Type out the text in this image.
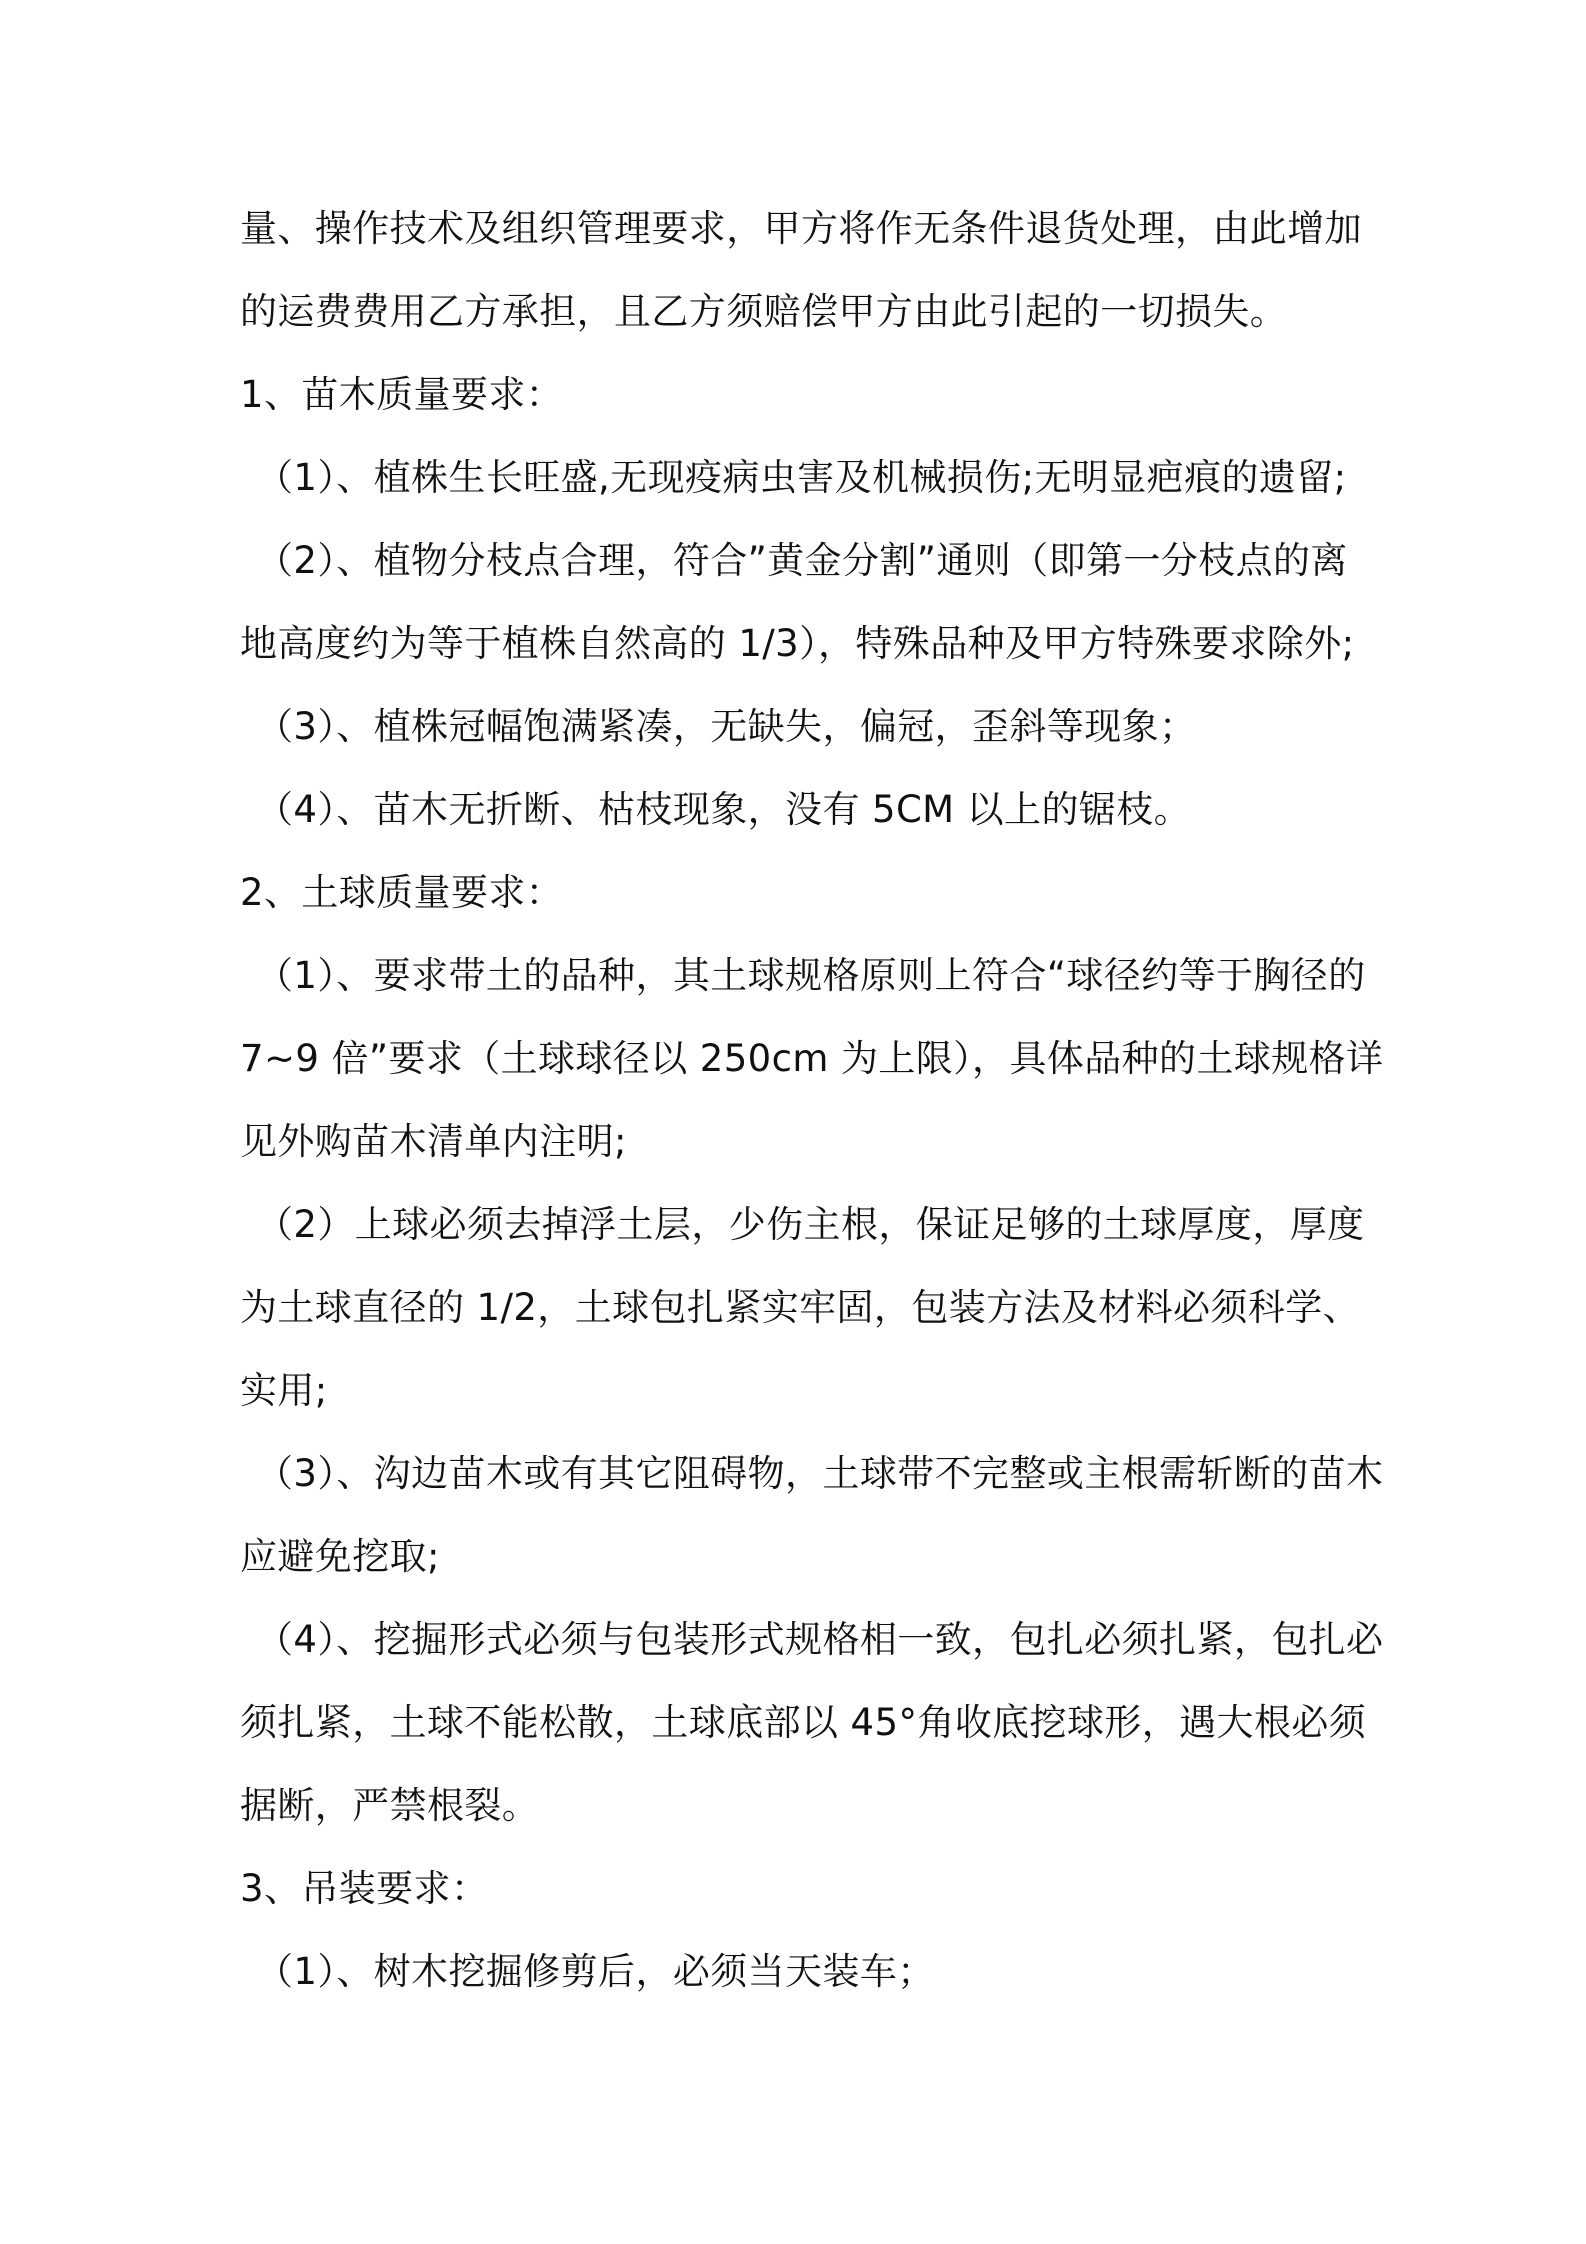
量、操作技术及组织管理要求，甲方将作无条件退货处理，由此增加
的运费费用乙方承担，且乙方须赔偿甲方由此引起的一切损失。
1、苗木质量要求：
（1）、植株生长旺盛,无现疫病虫害及机械损伤;无明显疤痕的遗留;
（2）、植物分枝点合理，符合”黄金分割”通则（即第一分枝点的离
地高度约为等于植株自然高的 1/3），特殊品种及甲方特殊要求除外;
（3）、植株冠幅饱满紧凑，无缺失，偏冠，歪斜等现象；
（4）、苗木无折断、枯枝现象，没有 5CM 以上的锯枝。
2、土球质量要求：
（1）、要求带土的品种，其土球规格原则上符合“球径约等于胸径的
7~9 倍”要求（土球球径以 250cm 为上限），具体品种的土球规格详
见外购苗木清单内注明;
（2）上球必须去掉浮土层，少伤主根，保证足够的土球厚度，厚度
为土球直径的 1/2，土球包扎紧实牢固，包装方法及材料必须科学、
实用;
（3）、沟边苗木或有其它阻碍物，土球带不完整或主根需斩断的苗木
应避免挖取;
（4）、挖掘形式必须与包装形式规格相一致，包扎必须扎紧，包扎必
须扎紧，土球不能松散，土球底部以 45°角收底挖球形，遇大根必须
据断，严禁根裂。
3、吊装要求：
（1）、树木挖掘修剪后，必须当天装车；
